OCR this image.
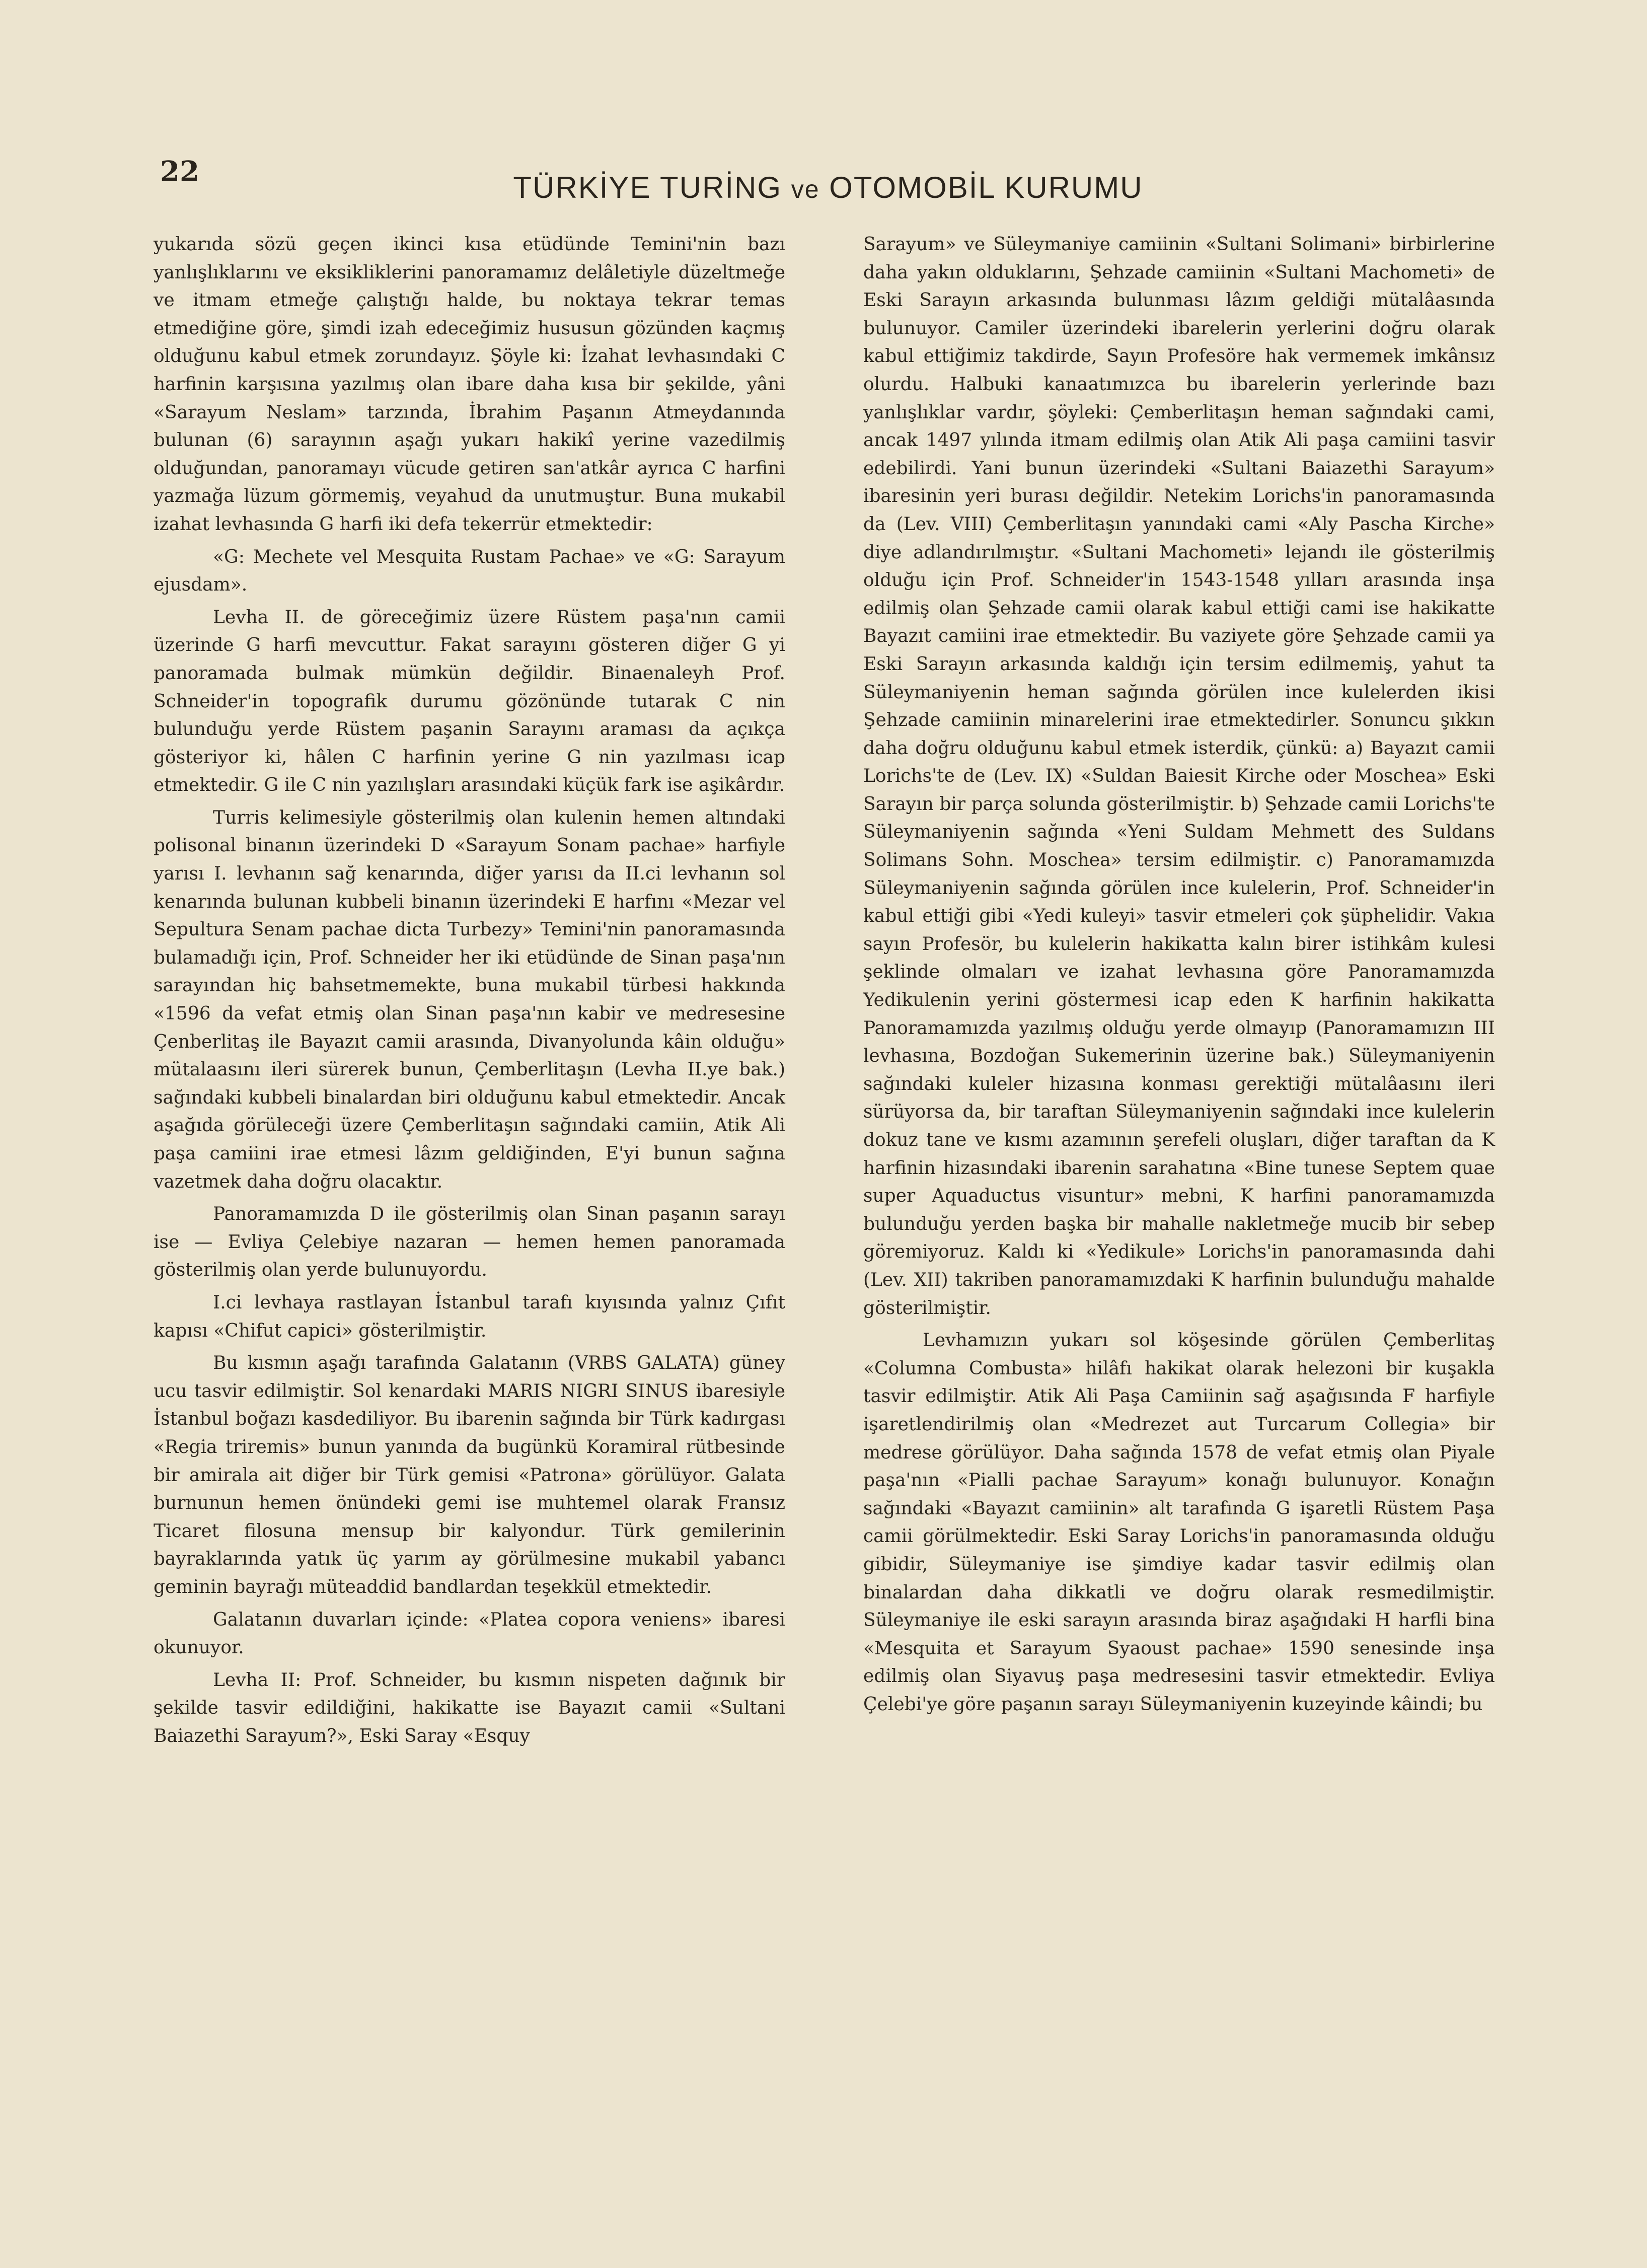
22	TÜRKİYE TURİNG ve OTOMOBİL KURUMU

yukarıda sözü geçen ikinci kısa etüdünde Temini'nin bazı yanlışlıklarını ve eksikliklerini panoramamız delâletiyle düzeltmeğe ve itmam etmeğe çalıştığı halde, bu noktaya tekrar temas etmediğine göre, şimdi izah edeceğimiz hususun gözünden kaçmış olduğunu kabul etmek zorundayız. Şöyle ki: İzahat levhasındaki C harfinin karşısına yazılmış olan ibare daha kısa bir şekilde, yâni «Sarayum Neslam» tarzında, İbrahim Paşanın Atmeydanında bulunan (6) sarayının aşağı yukarı hakikî yerine vazedilmiş olduğundan, panoramayı vücude getiren san'atkâr ayrıca C harfini yazmağa lüzum görmemiş, veyahud da unutmuştur. Buna mukabil izahat levhasında G harfi iki defa tekerrür etmektedir:

«G: Mechete vel Mesquita Rustam Pachae» ve «G: Sarayum ejusdam».

Levha II. de göreceğimiz üzere Rüstem paşa'nın camii üzerinde G harfi mevcuttur. Fakat sarayını gösteren diğer G yi panoramada bulmak mümkün değildir. Binaenaleyh Prof. Schneider'in topografik durumu gözönünde tutarak C nin bulunduğu yerde Rüstem paşanin Sarayını araması da açıkça gösteriyor ki, hâlen C harfinin yerine G nin yazılması icap etmektedir. G ile C nin yazılışları arasındaki küçük fark ise aşikârdır.

Turris kelimesiyle gösterilmiş olan kulenin hemen altındaki polisonal binanın üzerindeki D «Sarayum Sonam pachae» harfiyle yarısı I. levhanın sağ kenarında, diğer yarısı da II.ci levhanın sol kenarında bulunan kubbeli binanın üzerindeki E harfını «Mezar vel Sepultura Senam pachae dicta Turbezy» Temini'nin panoramasında bulamadığı için, Prof. Schneider her iki etüdünde de Sinan paşa'nın sarayından hiç bahsetmemekte, buna mukabil türbesi hakkında «1596 da vefat etmiş olan Sinan paşa'nın kabir ve medresesine Çenberlitaş ile Bayazıt camii arasında, Divanyolunda kâin olduğu» mütalaasını ileri sürerek bunun, Çemberlitaşın (Levha II.ye bak.) sağındaki kubbeli binalardan biri olduğunu kabul etmektedir. Ancak aşağıda görüleceği üzere Çemberlitaşın sağındaki camiin, Atik Ali paşa camiini irae etmesi lâzım geldiğinden, E'yi bunun sağına vazetmek daha doğru olacaktır.

Panoramamızda D ile gösterilmiş olan Sinan paşanın sarayı ise — Evliya Çelebiye nazaran — hemen hemen panoramada gösterilmiş olan yerde bulunuyordu.

I.ci levhaya rastlayan İstanbul tarafı kıyısında yalnız Çıfıt kapısı «Chifut capici» gösterilmiştir.

Bu kısmın aşağı tarafında Galatanın (VRBS GALATA) güney ucu tasvir edilmiştir. Sol kenardaki MARIS NIGRI SINUS ibaresiyle İstanbul boğazı kasdediliyor. Bu ibarenin sağında bir Türk kadırgası «Regia triremis» bunun yanında da bugünkü Koramiral rütbesinde bir amirala ait diğer bir Türk gemisi «Patrona» görülüyor. Galata burnunun hemen önündeki gemi ise muhtemel olarak Fransız Ticaret filosuna mensup bir kalyondur. Türk gemilerinin bayraklarında yatık üç yarım ay görülmesine mukabil yabancı geminin bayrağı müteaddid bandlardan teşekkül etmektedir.

Galatanın duvarları içinde: «Platea copora veniens» ibaresi okunuyor.

Levha II: Prof. Schneider, bu kısmın nispeten dağınık bir şekilde tasvir edildiğini, hakikatte ise Bayazıt camii «Sultani Baiazethi Sarayum?», Eski Saray «Esquy

Sarayum» ve Süleymaniye camiinin «Sultani Solimani» birbirlerine daha yakın olduklarını, Şehzade camiinin «Sultani Machometi» de Eski Sarayın arkasında bulunması lâzım geldiği mütalâasında bulunuyor. Camiler üzerindeki ibarelerin yerlerini doğru olarak kabul ettiğimiz takdirde, Sayın Profesöre hak vermemek imkânsız olurdu. Halbuki kanaatımızca bu ibarelerin yerlerinde bazı yanlışlıklar vardır, şöyleki: Çemberlitaşın heman sağındaki cami, ancak 1497 yılında itmam edilmiş olan Atik Ali paşa camiini tasvir edebilirdi. Yani bunun üzerindeki «Sultani Baiazethi Sarayum» ibaresinin yeri burası değildir. Netekim Lorichs'in panoramasında da (Lev. VIII) Çemberlitaşın yanındaki cami «Aly Pascha Kirche» diye adlandırılmıştır. «Sultani Machometi» lejandı ile gösterilmiş olduğu için Prof. Schneider'in 1543-1548 yılları arasında inşa edilmiş olan Şehzade camii olarak kabul ettiği cami ise hakikatte Bayazıt camiini irae etmektedir. Bu vaziyete göre Şehzade camii ya Eski Sarayın arkasında kaldığı için tersim edilmemiş, yahut ta Süleymaniyenin heman sağında görülen ince kulelerden ikisi Şehzade camiinin minarelerini irae etmektedirler. Sonuncu şıkkın daha doğru olduğunu kabul etmek isterdik, çünkü: a) Bayazıt camii Lorichs'te de (Lev. IX) «Suldan Baiesit Kirche oder Moschea» Eski Sarayın bir parça solunda gösterilmiştir. b) Şehzade camii Lorichs'te Süleymaniyenin sağında «Yeni Suldam Mehmett des Suldans Solimans Sohn. Moschea» tersim edilmiştir. c) Panoramamızda Süleymaniyenin sağında görülen ince kulelerin, Prof. Schneider'in kabul ettiği gibi «Yedi kuleyi» tasvir etmeleri çok şüphelidir. Vakıa sayın Profesör, bu kulelerin hakikatta kalın birer istihkâm kulesi şeklinde olmaları ve izahat levhasına göre Panoramamızda Yedikulenin yerini göstermesi icap eden K harfinin hakikatta Panoramamızda yazılmış olduğu yerde olmayıp (Panoramamızın III levhasına, Bozdoğan Sukemerinin üzerine bak.) Süleymaniyenin sağındaki kuleler hizasına konması gerektiği mütalâasını ileri sürüyorsa da, bir taraftan Süleymaniyenin sağındaki ince kulelerin dokuz tane ve kısmı azamının şerefeli oluşları, diğer taraftan da K harfinin hizasındaki ibarenin sarahatına «Bine tunese Septem quae super Aquaductus visuntur» mebni, K harfini panoramamızda bulunduğu yerden başka bir mahalle nakletmeğe mucib bir sebep göremiyoruz. Kaldı ki «Yedikule» Lorichs'in panoramasında dahi (Lev. XII) takriben panoramamızdaki K harfinin bulunduğu mahalde gösterilmiştir.

Levhamızın yukarı sol köşesinde görülen Çemberlitaş «Columna Combusta» hilâfı hakikat olarak helezoni bir kuşakla tasvir edilmiştir. Atik Ali Paşa Camiinin sağ aşağısında F harfiyle işaretlendirilmiş olan «Medrezet aut Turcarum Collegia» bir medrese görülüyor. Daha sağında 1578 de vefat etmiş olan Piyale paşa'nın «Pialli pachae Sarayum» konağı bulunuyor. Konağın sağındaki «Bayazıt camiinin» alt tarafında G işaretli Rüstem Paşa camii görülmektedir. Eski Saray Lorichs'in panoramasında olduğu gibidir, Süleymaniye ise şimdiye kadar tasvir edilmiş olan binalardan daha dikkatli ve doğru olarak resmedilmiştir. Süleymaniye ile eski sarayın arasında biraz aşağıdaki H harfli bina «Mesquita et Sarayum Syaoust pachae» 1590 senesinde inşa edilmiş olan Siyavuş paşa medresesini tasvir etmektedir. Evliya Çelebi'ye göre paşanın sarayı Süleymaniyenin kuzeyinde kâindi; bu
